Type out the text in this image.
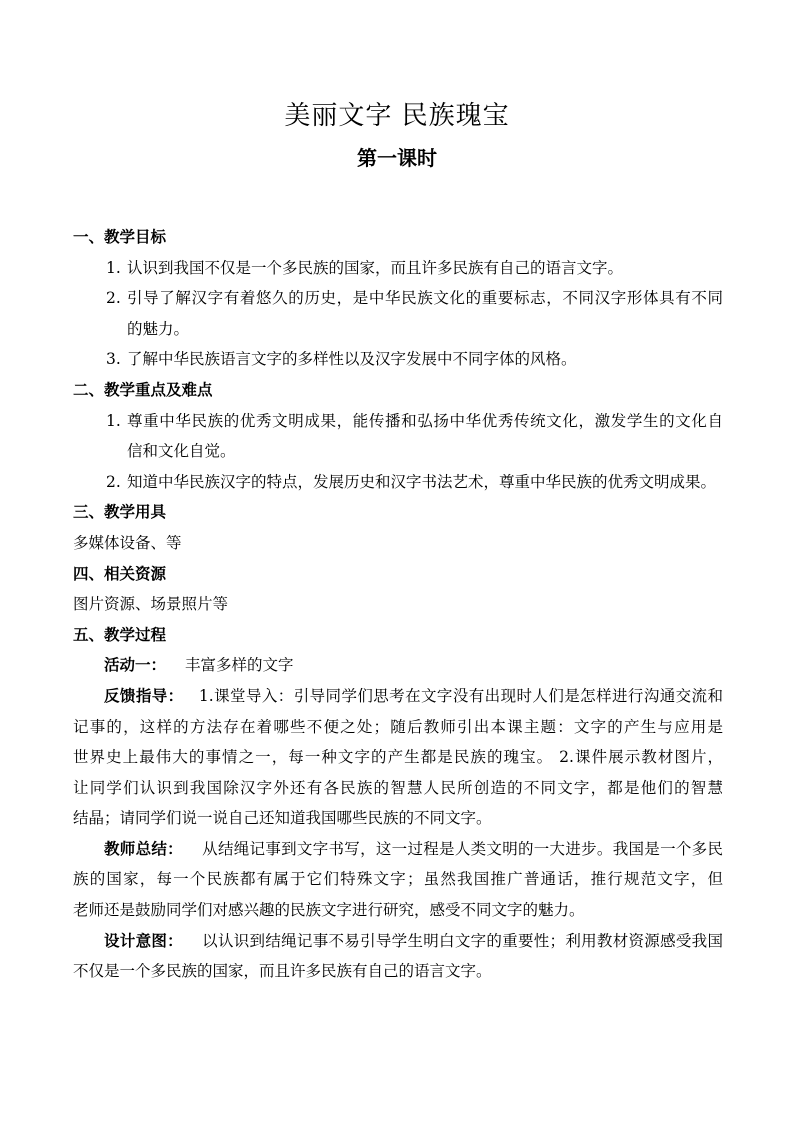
美丽文字 民族瑰宝
第一课时
一、教学目标
1. 认识到我国不仅是一个多民族的国家，而且许多民族有自己的语言文字。
2. 引导了解汉字有着悠久的历史，是中华民族文化的重要标志，不同汉字形体具有不同
的魅力。
3. 了解中华民族语言文字的多样性以及汉字发展中不同字体的风格。
二、教学重点及难点
1. 尊重中华民族的优秀文明成果，能传播和弘扬中华优秀传统文化，激发学生的文化自
信和文化自觉。
2. 知道中华民族汉字的特点，发展历史和汉字书法艺术，尊重中华民族的优秀文明成果。
三、教学用具
多媒体设备、等
四、相关资源
图片资源、场景照片等
五、教学过程
活动一： 丰富多样的文字
反馈指导： 1.课堂导入：引导同学们思考在文字没有出现时人们是怎样进行沟通交流和
记事的，这样的方法存在着哪些不便之处；随后教师引出本课主题：文字的产生与应用是
世界史上最伟大的事情之一，每一种文字的产生都是民族的瑰宝。 2.课件展示教材图片，
让同学们认识到我国除汉字外还有各民族的智慧人民所创造的不同文字，都是他们的智慧
结晶；请同学们说一说自己还知道我国哪些民族的不同文字。
教师总结： 从结绳记事到文字书写，这一过程是人类文明的一大进步。我国是一个多民
族的国家，每一个民族都有属于它们特殊文字；虽然我国推广普通话，推行规范文字，但
老师还是鼓励同学们对感兴趣的民族文字进行研究，感受不同文字的魅力。
设计意图： 以认识到结绳记事不易引导学生明白文字的重要性；利用教材资源感受我国
不仅是一个多民族的国家，而且许多民族有自己的语言文字。
